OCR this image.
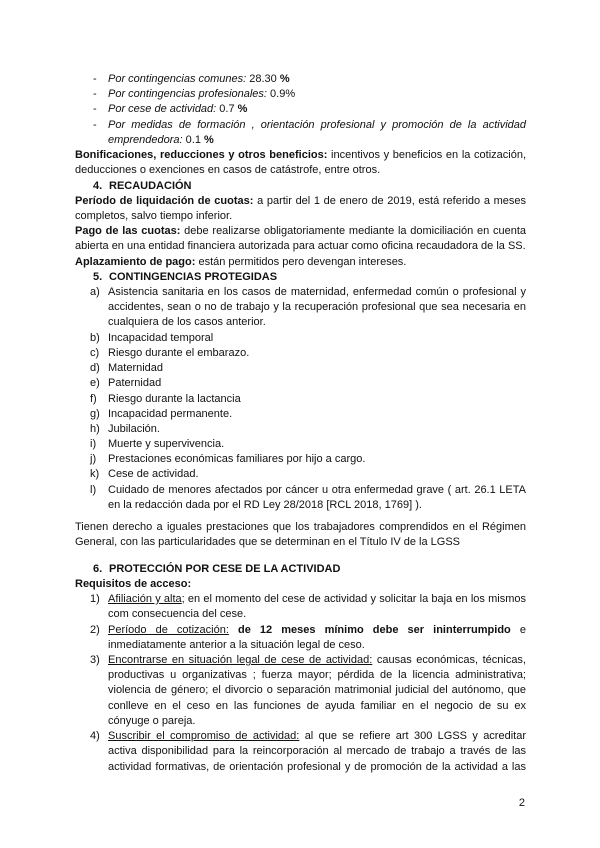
- Por contingencias comunes: 28.30 %
- Por contingencias profesionales: 0.9%
- Por cese de actividad: 0.7 %
- Por medidas de formación , orientación profesional y promoción de la actividad
emprendedora: 0.1 %
Bonificaciones, reducciones y otros beneficios: incentivos y beneficios en la cotización,
deducciones o exenciones en casos de catástrofe, entre otros.
4. RECAUDACIÓN
Período de liquidación de cuotas: a partir del 1 de enero de 2019, está referido a meses
completos, salvo tiempo inferior.
Pago de las cuotas: debe realizarse obligatoriamente mediante la domiciliación en cuenta
abierta en una entidad financiera autorizada para actuar como oficina recaudadora de la SS.
Aplazamiento de pago: están permitidos pero devengan intereses.
5. CONTINGENCIAS PROTEGIDAS
a) Asistencia sanitaria en los casos de maternidad, enfermedad común o profesional y
accidentes, sean o no de trabajo y la recuperación profesional que sea necesaria en
cualquiera de los casos anterior.
b) Incapacidad temporal
c) Riesgo durante el embarazo.
d) Maternidad
e) Paternidad
f) Riesgo durante la lactancia
g) Incapacidad permanente.
h) Jubilación.
i) Muerte y supervivencia.
j) Prestaciones económicas familiares por hijo a cargo.
k) Cese de actividad.
l) Cuidado de menores afectados por cáncer u otra enfermedad grave ( art. 26.1 LETA
en la redacción dada por el RD Ley 28/2018 [RCL 2018, 1769] ).
Tienen derecho a iguales prestaciones que los trabajadores comprendidos en el Régimen
General, con las particularidades que se determinan en el Título IV de la LGSS
6. PROTECCIÓN POR CESE DE LA ACTIVIDAD
Requisitos de acceso:
1) Afiliación y alta; en el momento del cese de actividad y solicitar la baja en los mismos
com consecuencia del cese.
2) Período de cotización: de 12 meses mínimo debe ser ininterrumpido e
inmediatamente anterior a la situación legal de ceso.
3) Encontrarse en situación legal de cese de actividad: causas económicas, técnicas,
productivas u organizativas ; fuerza mayor; pérdida de la licencia administrativa;
violencia de género; el divorcio o separación matrimonial judicial del autónomo, que
conlleve en el ceso en las funciones de ayuda familiar en el negocio de su ex
cónyuge o pareja.
4) Suscribir el compromiso de actividad: al que se refiere art 300 LGSS y acreditar
activa disponibilidad para la reincorporación al mercado de trabajo a través de las
actividad formativas, de orientación profesional y de promoción de la actividad a las
2
